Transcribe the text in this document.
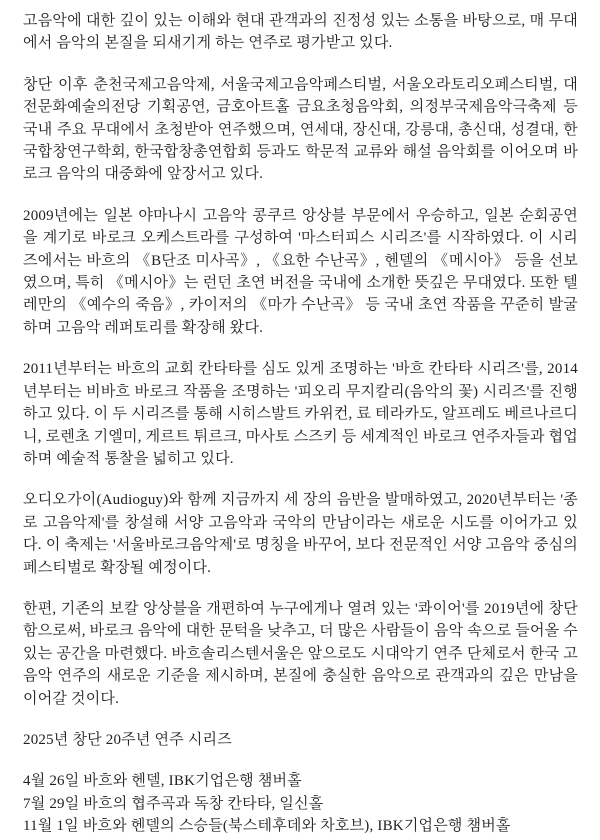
고음악에 대한 깊이 있는 이해와 현대 관객과의 진정성 있는 소통을 바탕으로, 매 무대에서 음악의 본질을 되새기게 하는 연주로 평가받고 있다.

창단 이후 춘천국제고음악제, 서울국제고음악페스티벌, 서울오라토리오페스티벌, 대전문화예술의전당 기획공연, 금호아트홀 금요초청음악회, 의정부국제음악극축제 등 국내 주요 무대에서 초청받아 연주했으며, 연세대, 장신대, 강릉대, 총신대, 성결대, 한국합창연구학회, 한국합창총연합회 등과도 학문적 교류와 해설 음악회를 이어오며 바로크 음악의 대중화에 앞장서고 있다.

2009년에는 일본 야마나시 고음악 콩쿠르 앙상블 부문에서 우승하고, 일본 순회공연을 계기로 바로크 오케스트라를 구성하여 '마스터피스 시리즈'를 시작하였다. 이 시리즈에서는 바흐의 《B단조 미사곡》, 《요한 수난곡》, 헨델의 《메시아》 등을 선보였으며, 특히 《메시아》는 런던 초연 버전을 국내에 소개한 뜻깊은 무대였다. 또한 텔레만의 《예수의 죽음》, 카이저의 《마가 수난곡》 등 국내 초연 작품을 꾸준히 발굴하며 고음악 레퍼토리를 확장해 왔다.

2011년부터는 바흐의 교회 칸타타를 심도 있게 조명하는 '바흐 칸타타 시리즈'를, 2014년부터는 비바흐 바로크 작품을 조명하는 '피오리 무지칼리(음악의 꽃) 시리즈'를 진행하고 있다. 이 두 시리즈를 통해 시히스발트 카위컨, 료 테라카도, 알프레도 베르나르디니, 로렌초 기엘미, 게르트 튀르크, 마사토 스즈키 등 세계적인 바로크 연주자들과 협업하며 예술적 통찰을 넓히고 있다.

오디오가이(Audioguy)와 함께 지금까지 세 장의 음반을 발매하였고, 2020년부터는 '종로 고음악제'를 창설해 서양 고음악과 국악의 만남이라는 새로운 시도를 이어가고 있다. 이 축제는 '서울바로크음악제'로 명칭을 바꾸어, 보다 전문적인 서양 고음악 중심의 페스티벌로 확장될 예정이다.

한편, 기존의 보칼 앙상블을 개편하여 누구에게나 열려 있는 '콰이어'를 2019년에 창단함으로써, 바로크 음악에 대한 문턱을 낮추고, 더 많은 사람들이 음악 속으로 들어올 수 있는 공간을 마련했다. 바흐솔리스텐서울은 앞으로도 시대악기 연주 단체로서 한국 고음악 연주의 새로운 기준을 제시하며, 본질에 충실한 음악으로 관객과의 깊은 만남을 이어갈 것이다.

2025년 창단 20주년 연주 시리즈

4월 26일 바흐와 헨델, IBK기업은행 챔버홀
7월 29일 바흐의 협주곡과 독창 칸타타, 일신홀
11월 1일 바흐와 헨델의 스승들(북스테후데와 차호브), IBK기업은행 챔버홀
